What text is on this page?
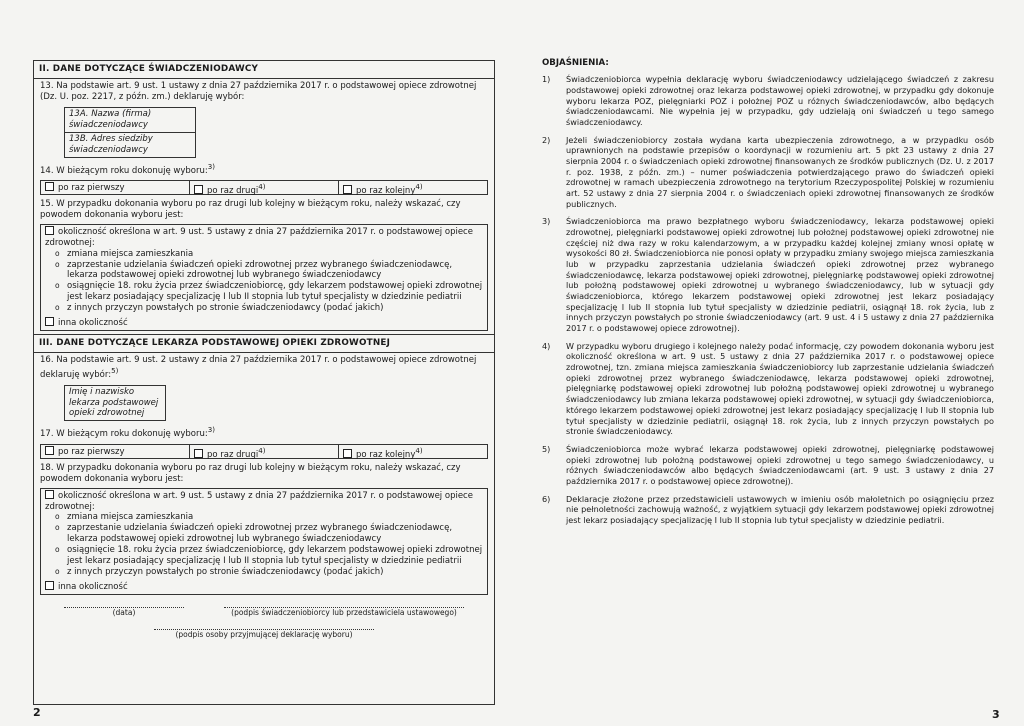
II. DANE DOTYCZĄCE ŚWIADCZENIODAWCY
13. Na podstawie art. 9 ust. 1 ustawy z dnia 27 października 2017 r. o podstawowej opiece zdrowotnej (Dz. U. poz. 2217, z późn. zm.) deklaruję wybór:
13A. Nazwa (firma) świadczeniodawcy
13B. Adres siedziby świadczeniodawcy
14. W bieżącym roku dokonuję wyboru:$^{3)}$
po raz pierwszy	po raz drugi$^{4)}$	po raz kolejny$^{4)}$
15. W przypadku dokonania wyboru po raz drugi lub kolejny w bieżącym roku, należy wskazać, czy powodem dokonania wyboru jest:
okoliczność określona w art. 9 ust. 5 ustawy z dnia 27 października 2017 r. o podstawowej opiece zdrowotnej:
o zmiana miejsca zamieszkania
o zaprzestanie udzielania świadczeń opieki zdrowotnej przez wybranego świadczeniodawcę, lekarza podstawowej opieki zdrowotnej lub wybranego świadczeniodawcy
o osiągnięcie 18. roku życia przez świadczeniobiorcę, gdy lekarzem podstawowej opieki zdrowotnej jest lekarz posiadający specjalizację I lub II stopnia lub tytuł specjalisty w dziedzinie pediatrii
o z innych przyczyn powstałych po stronie świadczeniodawcy (podać jakich)
inna okoliczność
III. DANE DOTYCZĄCE LEKARZA PODSTAWOWEJ OPIEKI ZDROWOTNEJ
16. Na podstawie art. 9 ust. 2 ustawy z dnia 27 października 2017 r. o podstawowej opiece zdrowotnej deklaruję wybór:$^{5)}$
Imię i nazwisko lekarza podstawowej opieki zdrowotnej
17. W bieżącym roku dokonuję wyboru:$^{3)}$
po raz pierwszy	po raz drugi$^{4)}$	po raz kolejny$^{4)}$
18. W przypadku dokonania wyboru po raz drugi lub kolejny w bieżącym roku, należy wskazać, czy powodem dokonania wyboru jest:
okoliczność określona w art. 9 ust. 5 ustawy z dnia 27 października 2017 r. o podstawowej opiece zdrowotnej:
o zmiana miejsca zamieszkania
o zaprzestanie udzielania świadczeń opieki zdrowotnej przez wybranego świadczeniodawcę, lekarza podstawowej opieki zdrowotnej lub wybranego świadczeniodawcy
o osiągnięcie 18. roku życia przez świadczeniobiorcę, gdy lekarzem podstawowej opieki zdrowotnej jest lekarz posiadający specjalizację I lub II stopnia lub tytuł specjalisty w dziedzinie pediatrii
o z innych przyczyn powstałych po stronie świadczeniodawcy (podać jakich)
inna okoliczność
(data)	(podpis świadczeniobiorcy lub przedstawiciela ustawowego)
(podpis osoby przyjmującej deklarację wyboru)
2
OBJAŚNIENIA:
1)	Świadczeniobiorca wypełnia deklarację wyboru świadczeniodawcy udzielającego świadczeń z zakresu podstawowej opieki zdrowotnej oraz lekarza podstawowej opieki zdrowotnej, w przypadku gdy dokonuje wyboru lekarza POZ, pielęgniarki POZ i położnej POZ u różnych świadczeniodawców, albo będących świadczeniodawcami. Nie wypełnia jej w przypadku, gdy udzielają oni świadczeń u tego samego świadczeniodawcy.
2)	Jeżeli świadczeniobiorcy została wydana karta ubezpieczenia zdrowotnego, a w przypadku osób uprawnionych na podstawie przepisów o koordynacji w rozumieniu art. 5 pkt 23 ustawy z dnia 27 sierpnia 2004 r. o świadczeniach opieki zdrowotnej finansowanych ze środków publicznych (Dz. U. z 2017 r. poz. 1938, z późn. zm.) – numer poświadczenia potwierdzającego prawo do świadczeń opieki zdrowotnej w ramach ubezpieczenia zdrowotnego na terytorium Rzeczypospolitej Polskiej w rozumieniu art. 52 ustawy z dnia 27 sierpnia 2004 r. o świadczeniach opieki zdrowotnej finansowanych ze środków publicznych.
3)	Świadczeniobiorca ma prawo bezpłatnego wyboru świadczeniodawcy, lekarza podstawowej opieki zdrowotnej, pielęgniarki podstawowej opieki zdrowotnej lub położnej podstawowej opieki zdrowotnej nie częściej niż dwa razy w roku kalendarzowym, a w przypadku każdej kolejnej zmiany wnosi opłatę w wysokości 80 zł. Świadczeniobiorca nie ponosi opłaty w przypadku zmiany swojego miejsca zamieszkania lub w przypadku zaprzestania udzielania świadczeń opieki zdrowotnej przez wybranego świadczeniodawcę, lekarza podstawowej opieki zdrowotnej, pielęgniarkę podstawowej opieki zdrowotnej lub położną podstawowej opieki zdrowotnej u wybranego świadczeniodawcy, lub w sytuacji gdy świadczeniobiorca, którego lekarzem podstawowej opieki zdrowotnej jest lekarz posiadający specjalizację I lub II stopnia lub tytuł specjalisty w dziedzinie pediatrii, osiągnął 18. rok życia, lub z innych przyczyn powstałych po stronie świadczeniodawcy (art. 9 ust. 4 i 5 ustawy z dnia 27 października 2017 r. o podstawowej opiece zdrowotnej).
4)	W przypadku wyboru drugiego i kolejnego należy podać informację, czy powodem dokonania wyboru jest okoliczność określona w art. 9 ust. 5 ustawy z dnia 27 października 2017 r. o podstawowej opiece zdrowotnej, tzn. zmiana miejsca zamieszkania świadczeniobiorcy lub zaprzestanie udzielania świadczeń opieki zdrowotnej przez wybranego świadczeniodawcę, lekarza podstawowej opieki zdrowotnej, pielęgniarkę podstawowej opieki zdrowotnej lub położną podstawowej opieki zdrowotnej u wybranego świadczeniodawcy lub zmiana lekarza podstawowej opieki zdrowotnej, w sytuacji gdy świadczeniobiorca, którego lekarzem podstawowej opieki zdrowotnej jest lekarz posiadający specjalizację I lub II stopnia lub tytuł specjalisty w dziedzinie pediatrii, osiągnął 18. rok życia, lub z innych przyczyn powstałych po stronie świadczeniodawcy.
5)	Świadczeniobiorca może wybrać lekarza podstawowej opieki zdrowotnej, pielęgniarkę podstawowej opieki zdrowotnej lub położną podstawowej opieki zdrowotnej u tego samego świadczeniodawcy, u różnych świadczeniodawców albo będących świadczeniodawcami (art. 9 ust. 3 ustawy z dnia 27 października 2017 r. o podstawowej opiece zdrowotnej).
6)	Deklaracje złożone przez przedstawicieli ustawowych w imieniu osób małoletnich po osiągnięciu przez nie pełnoletności zachowują ważność, z wyjątkiem sytuacji gdy lekarzem podstawowej opieki zdrowotnej jest lekarz posiadający specjalizację I lub II stopnia lub tytuł specjalisty w dziedzinie pediatrii.
3
